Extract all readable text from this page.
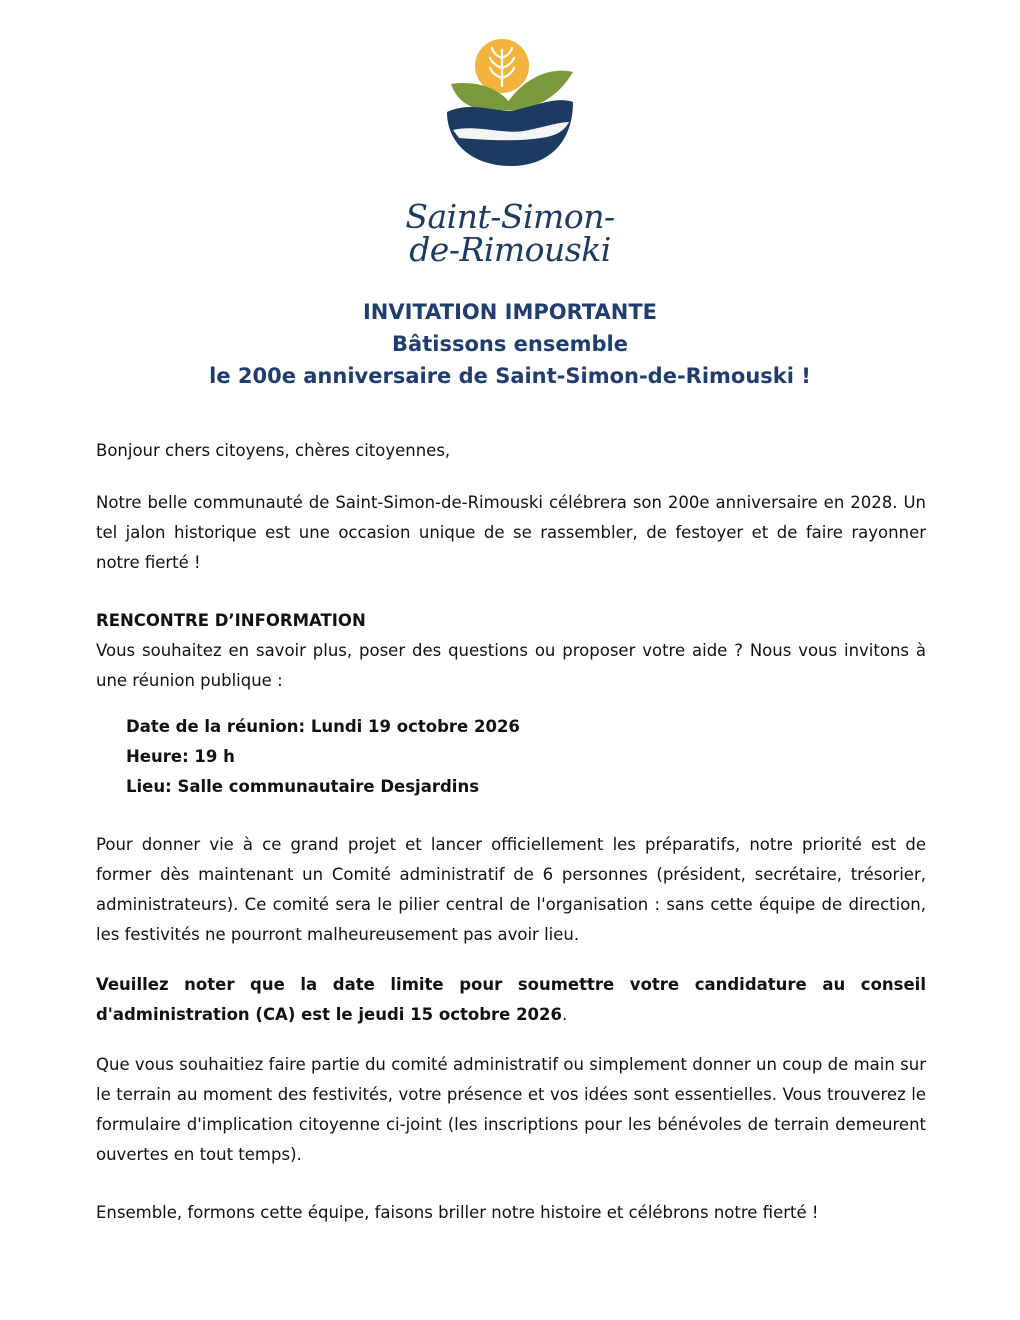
Saint-Simon-
de-Rimouski
INVITATION IMPORTANTE
Bâtissons ensemble
le 200e anniversaire de Saint-Simon-de-Rimouski !
Bonjour chers citoyens, chères citoyennes,
Notre belle communauté de Saint-Simon-de-Rimouski célébrera son 200e anniversaire en 2028. Un tel jalon historique est une occasion unique de se rassembler, de festoyer et de faire rayonner notre fierté !
RENCONTRE D’INFORMATION
Vous souhaitez en savoir plus, poser des questions ou proposer votre aide ? Nous vous invitons à une réunion publique :
Date de la réunion: Lundi 19 octobre 2026
Heure: 19 h
Lieu: Salle communautaire Desjardins
Pour donner vie à ce grand projet et lancer officiellement les préparatifs, notre priorité est de former dès maintenant un Comité administratif de 6 personnes (président, secrétaire, trésorier, administrateurs). Ce comité sera le pilier central de l'organisation : sans cette équipe de direction, les festivités ne pourront malheureusement pas avoir lieu.
Veuillez noter que la date limite pour soumettre votre candidature au conseil d'administration (CA) est le jeudi 15 octobre 2026.
Que vous souhaitiez faire partie du comité administratif ou simplement donner un coup de main sur le terrain au moment des festivités, votre présence et vos idées sont essentielles. Vous trouverez le formulaire d'implication citoyenne ci-joint (les inscriptions pour les bénévoles de terrain demeurent ouvertes en tout temps).
Ensemble, formons cette équipe, faisons briller notre histoire et célébrons notre fierté !
